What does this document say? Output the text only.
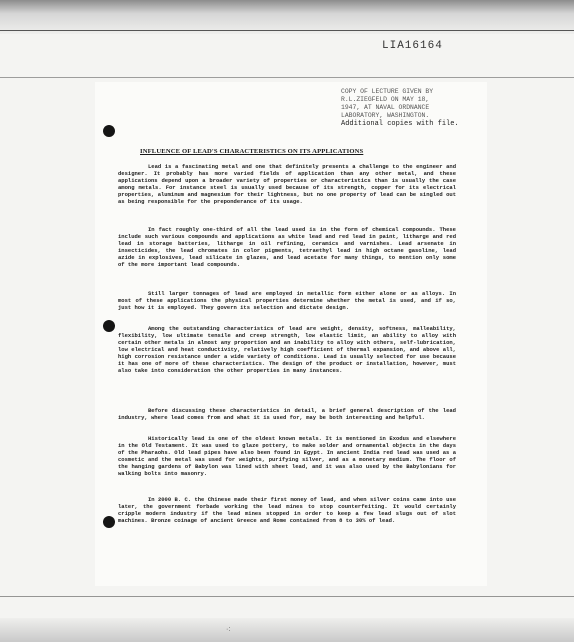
LIA16164
COPY OF LECTURE GIVEN BY
R.L.ZIEGFELD ON MAY 18,
1947, AT NAVAL ORDNANCE
LABORATORY, WASHINGTON.
Additional copies with file.
INFLUENCE OF LEAD'S CHARACTERISTICS ON ITS APPLICATIONS

Lead is a fascinating metal and one that definitely presents a challenge to the engineer and designer. It probably has more varied fields of application than any other metal, and these applications depend upon a broader variety of properties or characteristics than is usually the case among metals. For instance steel is usually used because of its strength, copper for its electrical properties, aluminum and magnesium for their lightness, but no one property of lead can be singled out as being responsible for the preponderance of its usage.

In fact roughly one-third of all the lead used is in the form of chemical compounds. These include such various compounds and applications as white lead and red lead in paint, litharge and red lead in storage batteries, litharge in oil refining, ceramics and varnishes. Lead arsenate in insecticides, the lead chromates in color pigments, tetraethyl lead in high octane gasoline, lead azide in explosives, lead silicate in glazes, and lead acetate for many things, to mention only some of the more important lead compounds.

Still larger tonnages of lead are employed in metallic form either alone or as alloys. In most of these applications the physical properties determine whether the metal is used, and if so, just how it is employed. They govern its selection and dictate design.

Among the outstanding characteristics of lead are weight, density, softness, malleability, flexibility, low ultimate tensile and creep strength, low elastic limit, an ability to alloy with certain other metals in almost any proportion and an inability to alloy with others, self-lubrication, low electrical and heat conductivity, relatively high coefficient of thermal expansion, and above all, high corrosion resistance under a wide variety of conditions. Lead is usually selected for use because it has one of more of these characteristics. The design of the product or installation, however, must also take into consideration the other properties in many instances.

Before discussing these characteristics in detail, a brief general description of the lead industry, where lead comes from and what it is used for, may be both interesting and helpful.

Historically lead is one of the oldest known metals. It is mentioned in Exodus and elsewhere in the Old Testament. It was used to glaze pottery, to make solder and ornamental objects in the days of the Pharaohs. Old lead pipes have also been found in Egypt. In ancient India red lead was used as a cosmetic and the metal was used for weights, purifying silver, and as a monetary medium. The floor of the hanging gardens of Babylon was lined with sheet lead, and it was also used by the Babylonians for walking bolts into masonry.

In 2000 B. C. the Chinese made their first money of lead, and when silver coins came into use later, the government forbade working the lead mines to stop counterfeiting. It would certainly cripple modern industry if the lead mines stopped in order to keep a few lead slugs out of slot machines. Bronze coinage of ancient Greece and Rome contained from 8 to 30% of lead.

·:
